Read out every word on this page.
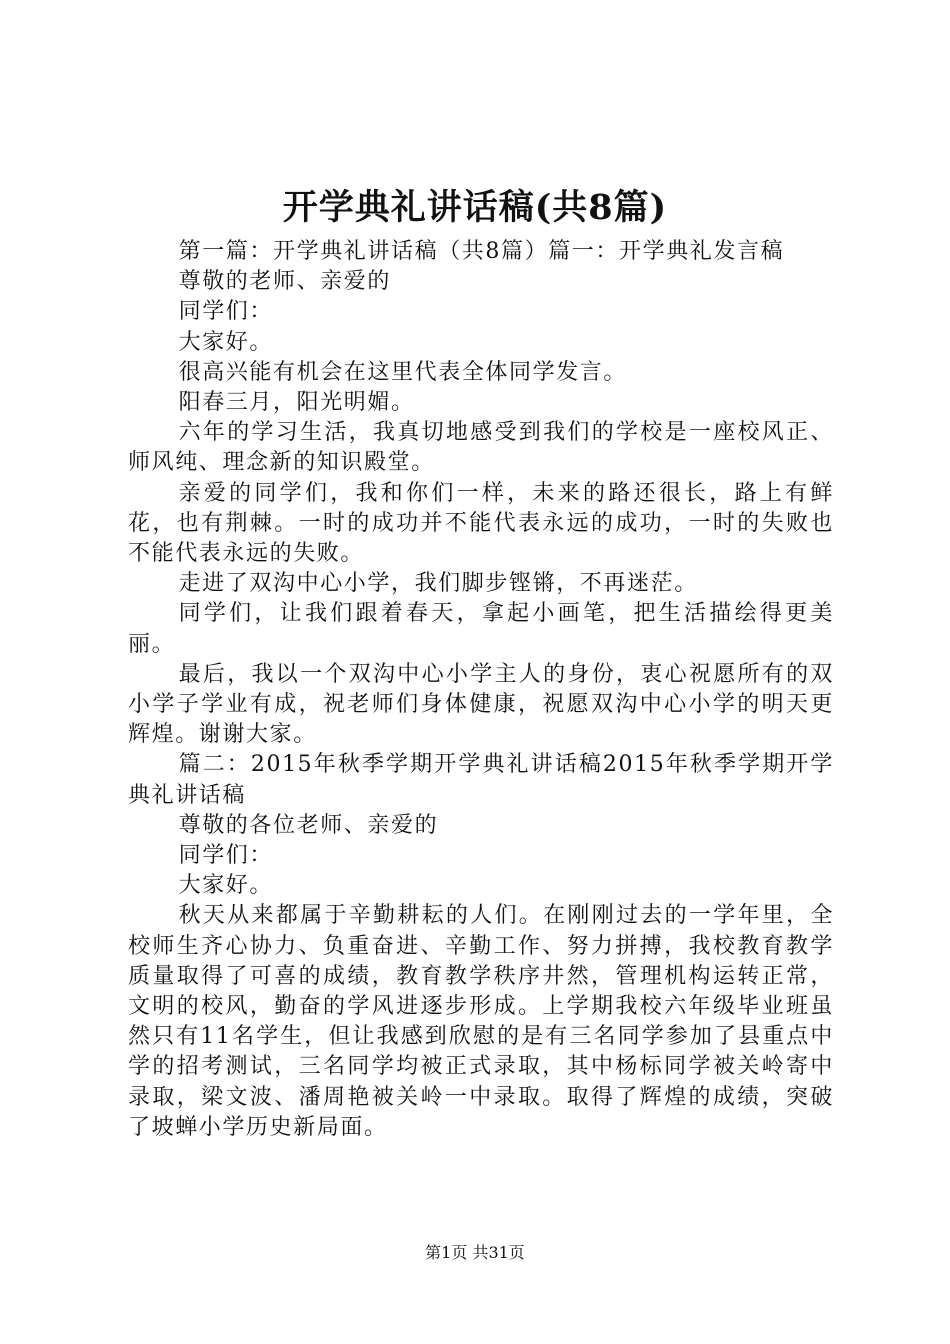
开学典礼讲话稿(共8篇)

第一篇：开学典礼讲话稿（共8篇）篇一：开学典礼发言稿

尊敬的老师、亲爱的

同学们：

大家好。

很高兴能有机会在这里代表全体同学发言。

阳春三月，阳光明媚。

六年的学习生活，我真切地感受到我们的学校是一座校风正、师风纯、理念新的知识殿堂。

亲爱的同学们，我和你们一样，未来的路还很长，路上有鲜花，也有荆棘。一时的成功并不能代表永远的成功，一时的失败也不能代表永远的失败。

走进了双沟中心小学，我们脚步铿锵，不再迷茫。

同学们，让我们跟着春天，拿起小画笔，把生活描绘得更美丽。

最后，我以一个双沟中心小学主人的身份，衷心祝愿所有的双小学子学业有成，祝老师们身体健康，祝愿双沟中心小学的明天更辉煌。谢谢大家。

篇二：2015年秋季学期开学典礼讲话稿2015年秋季学期开学典礼讲话稿

尊敬的各位老师、亲爱的

同学们：

大家好。

秋天从来都属于辛勤耕耘的人们。在刚刚过去的一学年里，全校师生齐心协力、负重奋进、辛勤工作、努力拼搏，我校教育教学质量取得了可喜的成绩，教育教学秩序井然，管理机构运转正常，文明的校风，勤奋的学风进逐步形成。上学期我校六年级毕业班虽然只有11名学生，但让我感到欣慰的是有三名同学参加了县重点中学的招考测试，三名同学均被正式录取，其中杨标同学被关岭寄中录取，梁文波、潘周艳被关岭一中录取。取得了辉煌的成绩，突破了坡蝉小学历史新局面。

第1页 共31页
